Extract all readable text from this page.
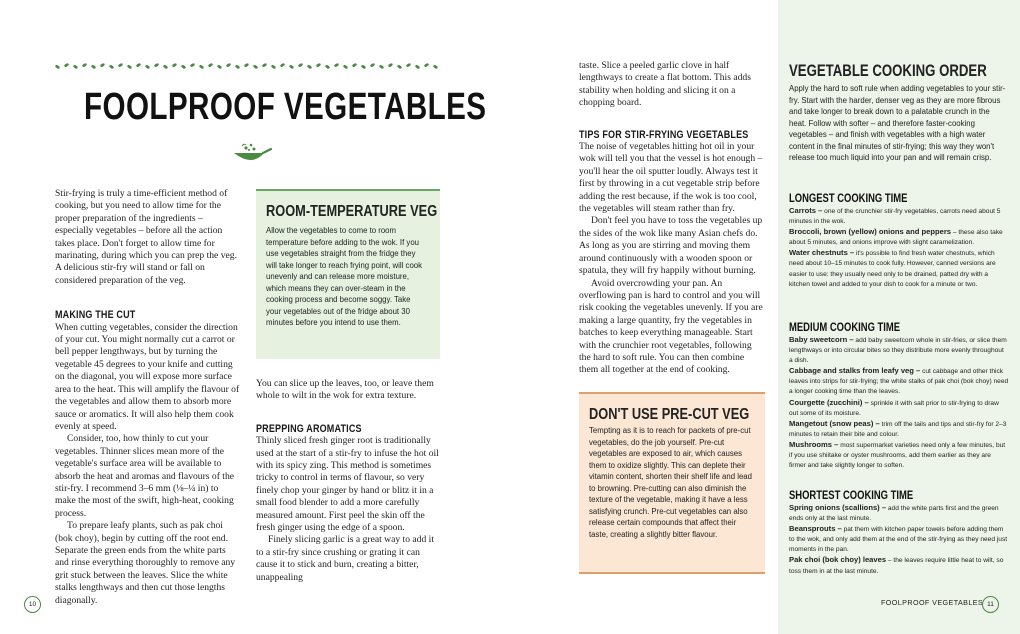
FOOLPROOF VEGETABLES

Stir-frying is truly a time-efficient method of cooking, but you need to allow time for the proper preparation of the ingredients – especially vegetables – before all the action takes place. Don't forget to allow time for marinating, during which you can prep the veg.

A delicious stir-fry will stand or fall on considered preparation of the veg.

MAKING THE CUT

When cutting vegetables, consider the direction of your cut. You might normally cut a carrot or bell pepper lengthways, but by turning the vegetable 45 degrees to your knife and cutting on the diagonal, you will expose more surface area to the heat. This will amplify the flavour of the vegetables and allow them to absorb more sauce or aromatics. It will also help them cook evenly at speed.

Consider, too, how thinly to cut your vegetables. Thinner slices mean more of the vegetable's surface area will be available to absorb the heat and aromas and flavours of the stir-fry. I recommend 3–6 mm (⅛–¼ in) to make the most of the swift, high-heat, cooking process.

To prepare leafy plants, such as pak choi (bok choy), begin by cutting off the root end. Separate the green ends from the white parts and rinse everything thoroughly to remove any grit stuck between the leaves. Slice the white stalks lengthways and then cut those lengths diagonally.

ROOM-TEMPERATURE VEG
Allow the vegetables to come to room temperature before adding to the wok. If you use vegetables straight from the fridge they will take longer to reach frying point, will cook unevenly and can release more moisture, which means they can over-steam in the cooking process and become soggy. Take your vegetables out of the fridge about 30 minutes before you intend to use them.

You can slice up the leaves, too, or leave them whole to wilt in the wok for extra texture.

PREPPING AROMATICS

Thinly sliced fresh ginger root is traditionally used at the start of a stir-fry to infuse the hot oil with its spicy zing. This method is sometimes tricky to control in terms of flavour, so very finely chop your ginger by hand or blitz it in a small food blender to add a more carefully measured amount. First peel the skin off the fresh ginger using the edge of a spoon.

Finely slicing garlic is a great way to add it to a stir-fry since crushing or grating it can cause it to stick and burn, creating a bitter, unappealing

10

taste. Slice a peeled garlic clove in half lengthways to create a flat bottom. This adds stability when holding and slicing it on a chopping board.

TIPS FOR STIR-FRYING VEGETABLES

The noise of vegetables hitting hot oil in your wok will tell you that the vessel is hot enough – you'll hear the oil sputter loudly. Always test it first by throwing in a cut vegetable strip before adding the rest because, if the wok is too cool, the vegetables will steam rather than fry.

Don't feel you have to toss the vegetables up the sides of the wok like many Asian chefs do. As long as you are stirring and moving them around continuously with a wooden spoon or spatula, they will fry happily without burning.

Avoid overcrowding your pan. An overflowing pan is hard to control and you will risk cooking the vegetables unevenly. If you are making a large quantity, fry the vegetables in batches to keep everything manageable. Start with the crunchier root vegetables, following the hard to soft rule. You can then combine them all together at the end of cooking.

DON'T USE PRE-CUT VEG
Tempting as it is to reach for packets of pre-cut vegetables, do the job yourself. Pre-cut vegetables are exposed to air, which causes them to oxidize slightly. This can deplete their vitamin content, shorten their shelf life and lead to browning. Pre-cutting can also diminish the texture of the vegetable, making it have a less satisfying crunch. Pre-cut vegetables can also release certain compounds that affect their taste, creating a slightly bitter flavour.
VEGETABLE COOKING ORDER
Apply the hard to soft rule when adding vegetables to your stir-fry. Start with the harder, denser veg as they are more fibrous and take longer to break down to a palatable crunch in the heat. Follow with softer – and therefore faster-cooking vegetables – and finish with vegetables with a high water content in the final minutes of stir-frying; this way they won't release too much liquid into your pan and will remain crisp.
LONGEST COOKING TIME

Carrots – one of the crunchier stir-fry vegetables, carrots need about 5 minutes in the wok.

Broccoli, brown (yellow) onions and peppers – these also take about 5 minutes, and onions improve with slight caramelization.

Water chestnuts – it's possible to find fresh water chestnuts, which need about 10–15 minutes to cook fully. However, canned versions are easier to use: they usually need only to be drained, patted dry with a kitchen towel and added to your dish to cook for a minute or two.

MEDIUM COOKING TIME

Baby sweetcorn – add baby sweetcorn whole in stir-fries, or slice them lengthways or into circular bites so they distribute more evenly throughout a dish.

Cabbage and stalks from leafy veg – cut cabbage and other thick leaves into strips for stir-frying; the white stalks of pak choi (bok choy) need a longer cooking time than the leaves.

Courgette (zucchini) – sprinkle it with salt prior to stir-frying to draw out some of its moisture.

Mangetout (snow peas) – trim off the tails and tips and stir-fry for 2–3 minutes to retain their bite and colour.

Mushrooms – most supermarket varieties need only a few minutes, but if you use shiitake or oyster mushrooms, add them earlier as they are firmer and take slightly longer to soften.

SHORTEST COOKING TIME

Spring onions (scallions) – add the white parts first and the green ends only at the last minute.

Beansprouts – pat them with kitchen paper towels before adding them to the wok, and only add them at the end of the stir-frying as they need just moments in the pan.

Pak choi (bok choy) leaves – the leaves require little heat to wilt, so toss them in at the last minute.

FOOLPROOF VEGETABLES 11
